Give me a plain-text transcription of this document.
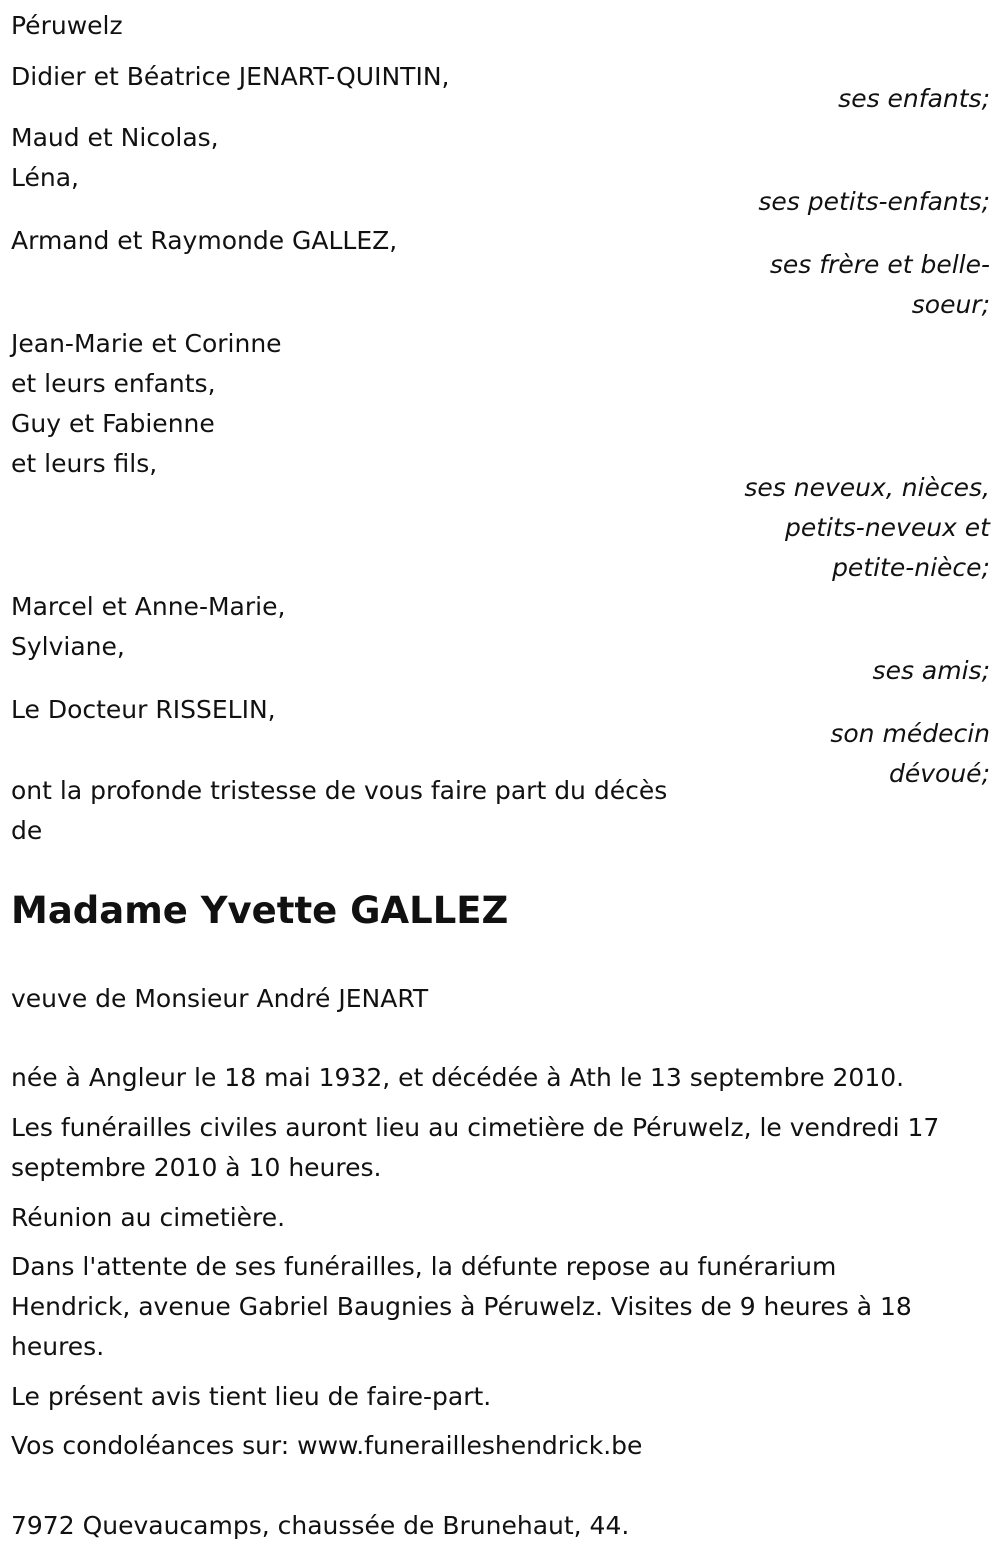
Péruwelz
Didier et Béatrice JENART-QUINTIN,
ses enfants;
Maud et Nicolas,
Léna,
ses petits-enfants;
Armand et Raymonde GALLEZ,
ses frère et belle-
soeur;
Jean-Marie et Corinne
et leurs enfants,
Guy et Fabienne
et leurs fils,
ses neveux, nièces,
petits-neveux et
petite-nièce;
Marcel et Anne-Marie,
Sylviane,
ses amis;
Le Docteur RISSELIN,
son médecin
dévoué;
ont la profonde tristesse de vous faire part du décès
de
Madame Yvette GALLEZ
veuve de Monsieur André JENART
née à Angleur le 18 mai 1932, et décédée à Ath le 13 septembre 2010.
Les funérailles civiles auront lieu au cimetière de Péruwelz, le vendredi 17
septembre 2010 à 10 heures.
Réunion au cimetière.
Dans l'attente de ses funérailles, la défunte repose au funérarium
Hendrick, avenue Gabriel Baugnies à Péruwelz. Visites de 9 heures à 18
heures.
Le présent avis tient lieu de faire-part.
Vos condoléances sur: www.funerailleshendrick.be
7972 Quevaucamps, chaussée de Brunehaut, 44.
